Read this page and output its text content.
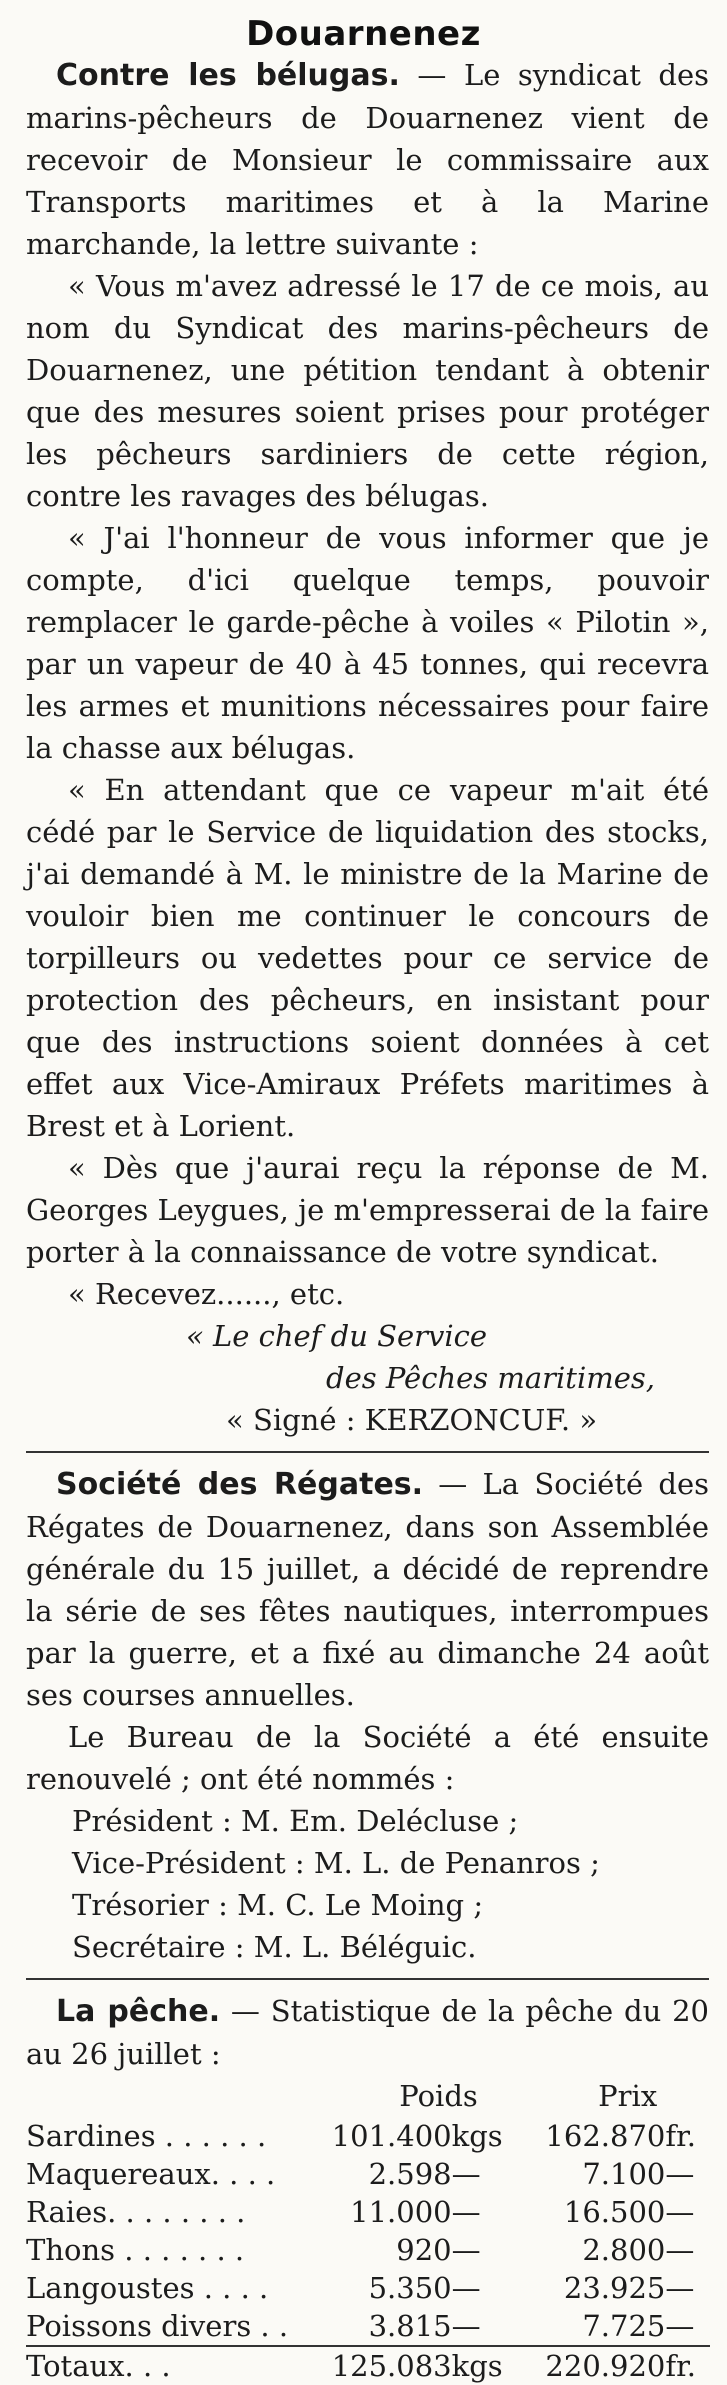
Douarnenez

Contre les bélugas. — Le syndicat des marins-pêcheurs de Douarnenez vient de recevoir de Monsieur le commissaire aux Transports maritimes et à la Marine marchande, la lettre suivante :

« Vous m'avez adressé le 17 de ce mois, au nom du Syndicat des marins-pêcheurs de Douarnenez, une pétition tendant à obtenir que des mesures soient prises pour protéger les pêcheurs sardiniers de cette région, contre les ravages des bélugas.

« J'ai l'honneur de vous informer que je compte, d'ici quelque temps, pouvoir remplacer le garde-pêche à voiles « Pilotin », par un vapeur de 40 à 45 tonnes, qui recevra les armes et munitions nécessaires pour faire la chasse aux bélugas.

« En attendant que ce vapeur m'ait été cédé par le Service de liquidation des stocks, j'ai demandé à M. le ministre de la Marine de vouloir bien me continuer le concours de torpilleurs ou vedettes pour ce service de protection des pêcheurs, en insistant pour que des instructions soient données à cet effet aux Vice-Amiraux Préfets maritimes à Brest et à Lorient.

« Dès que j'aurai reçu la réponse de M. Georges Leygues, je m'empresserai de la faire porter à la connaissance de votre syndicat.

« Recevez......, etc.

« Le chef du Service

des Pêches maritimes,

« Signé : KERZONCUF. »

Société des Régates. — La Société des Régates de Douarnenez, dans son Assemblée générale du 15 juillet, a décidé de reprendre la série de ses fêtes nautiques, interrompues par la guerre, et a fixé au dimanche 24 août ses courses annuelles.

Le Bureau de la Société a été ensuite renouvelé ; ont été nommés :

Président : M. Em. Delécluse ;

Vice-Président : M. L. de Penanros ;

Trésorier : M. C. Le Moing ;

Secrétaire : M. L. Béléguic.

La pêche. — Statistique de la pêche du 20 au 26 juillet :

	Poids		Prix	
Sardines . . . . . .	101.400	kgs	162.870	fr.
Maquereaux. . . .	2.598	—	7.100	—
Raies. . . . . . . .	11.000	—	16.500	—
Thons . . . . . . .	920	—	2.800	—
Langoustes . . . .	5.350	—	23.925	—
Poissons divers . .	3.815	—	7.725	—
Totaux. . .	125.083	kgs	220.920	fr.
